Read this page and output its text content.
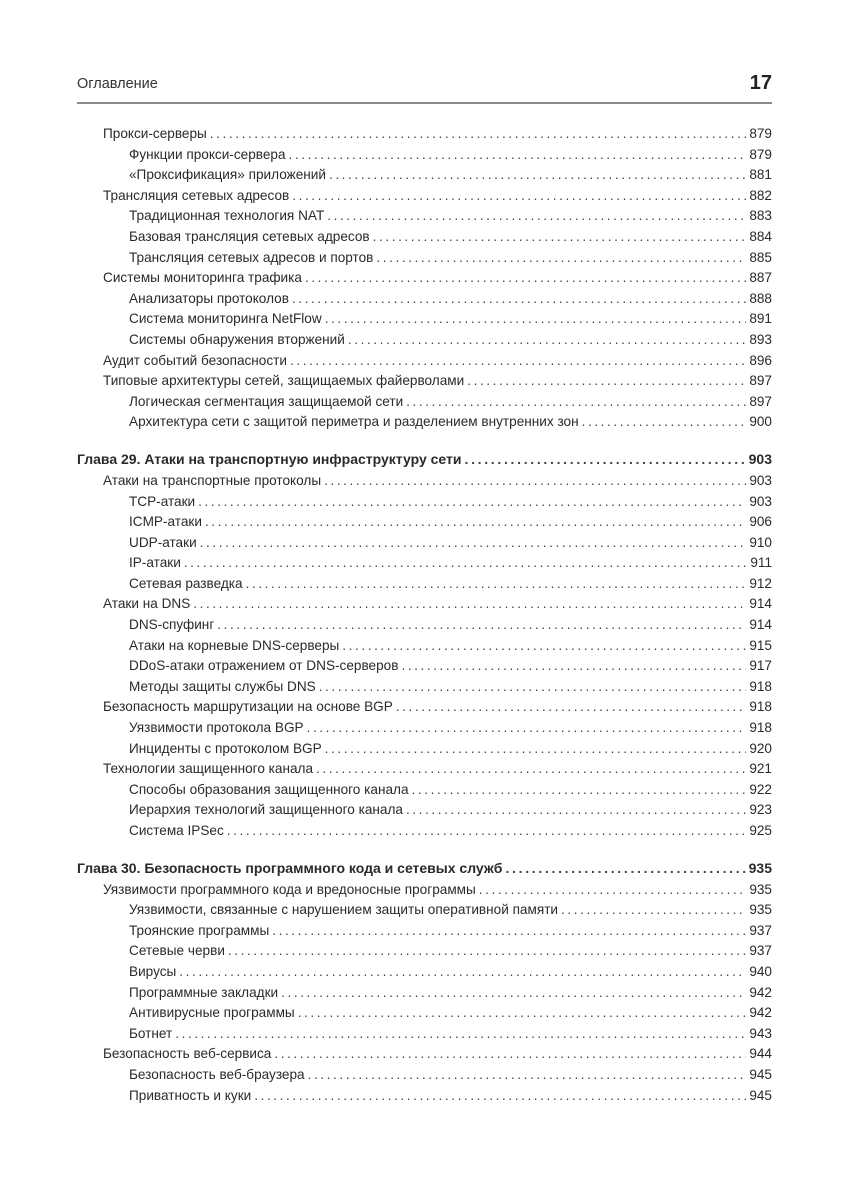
Оглавление	17
Прокси-серверы . . .	879
Функции прокси-сервера . . .	879
«Проксификация» приложений . . .	881
Трансляция сетевых адресов . . .	882
Традиционная технология NAT . . .	883
Базовая трансляция сетевых адресов . . .	884
Трансляция сетевых адресов и портов . . .	885
Системы мониторинга трафика . . .	887
Анализаторы протоколов . . .	888
Система мониторинга NetFlow . . .	891
Системы обнаружения вторжений . . .	893
Аудит событий безопасности . . .	896
Типовые архитектуры сетей, защищаемых файерволами . . .	897
Логическая сегментация защищаемой сети . . .	897
Архитектура сети с защитой периметра и разделением внутренних зон . . .	900
Глава 29. Атаки на транспортную инфраструктуру сети . . .	903
Атаки на транспортные протоколы . . .	903
TCP-атаки . . .	903
ICMP-атаки . . .	906
UDP-атаки . . .	910
IP-атаки . . .	911
Сетевая разведка . . .	912
Атаки на DNS . . .	914
DNS-спуфинг . . .	914
Атаки на корневые DNS-серверы . . .	915
DDoS-атаки отражением от DNS-серверов . . .	917
Методы защиты службы DNS . . .	918
Безопасность маршрутизации на основе BGP . . .	918
Уязвимости протокола BGP . . .	918
Инциденты с протоколом BGP . . .	920
Технологии защищенного канала . . .	921
Способы образования защищенного канала . . .	922
Иерархия технологий защищенного канала . . .	923
Система IPSec . . .	925
Глава 30. Безопасность программного кода и сетевых служб . . .	935
Уязвимости программного кода и вредоносные программы . . .	935
Уязвимости, связанные с нарушением защиты оперативной памяти . . .	935
Троянские программы . . .	937
Сетевые черви . . .	937
Вирусы . . .	940
Программные закладки . . .	942
Антивирусные программы . . .	942
Ботнет . . .	943
Безопасность веб-сервиса . . .	944
Безопасность веб-браузера . . .	945
Приватность и куки . . .	945
